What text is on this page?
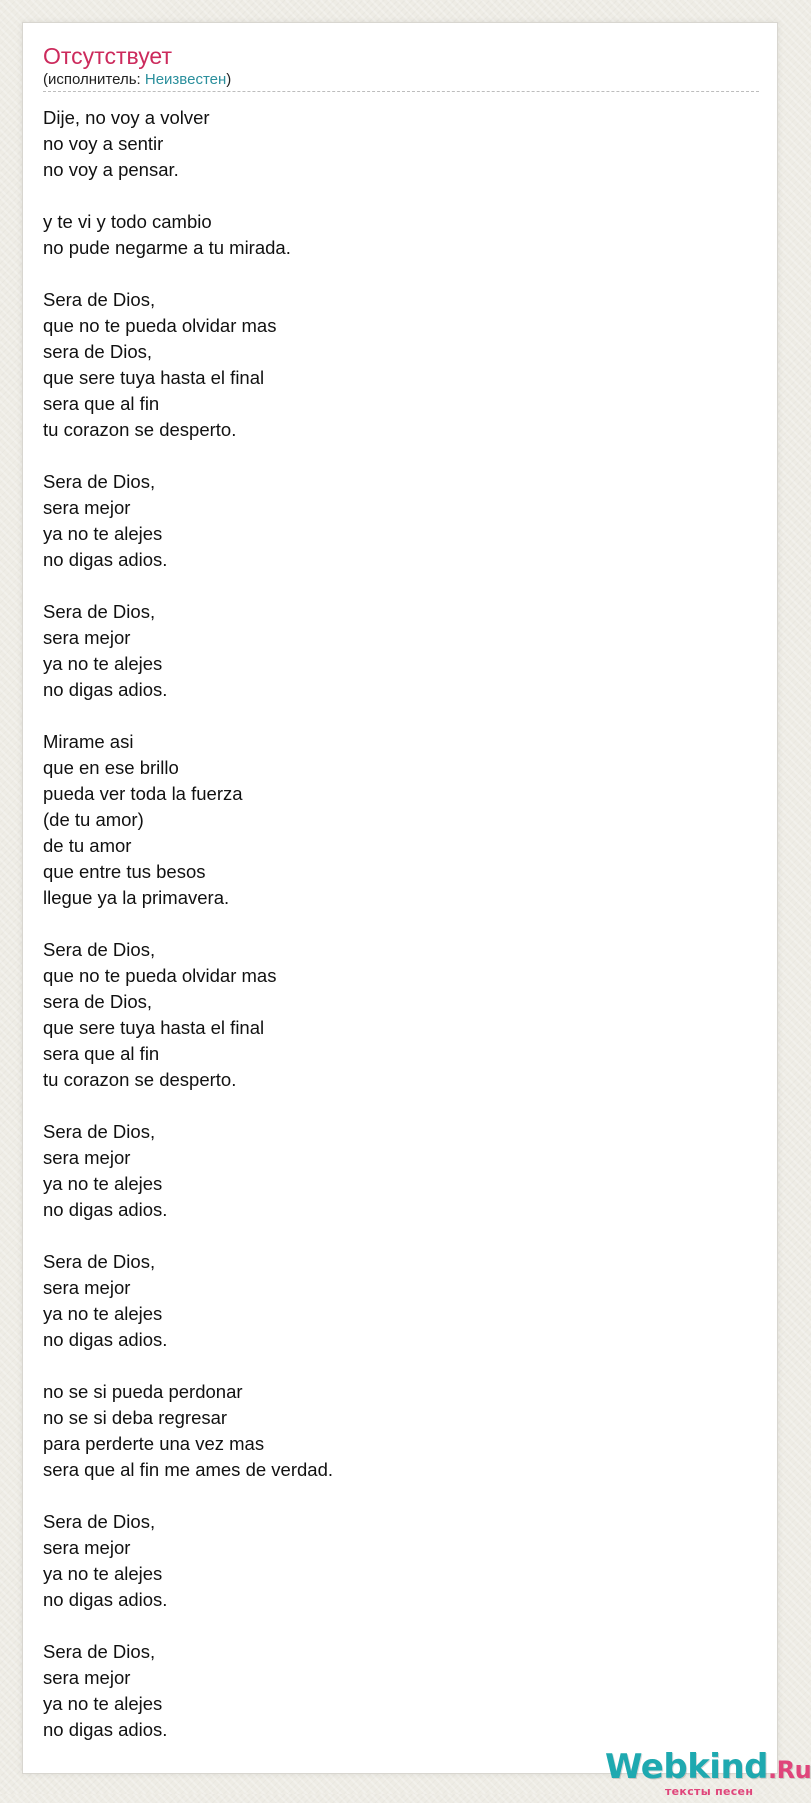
Отсутствует
(исполнитель: Неизвестен)
Dije, no voy a volver
no voy a sentir
no voy a pensar.
y te vi y todo cambio
no pude negarme a tu mirada.
Sera de Dios,
que no te pueda olvidar mas
sera de Dios,
que sere tuya hasta el final
sera que al fin
tu corazon se desperto.
Sera de Dios,
sera mejor
ya no te alejes
no digas adios.
Sera de Dios,
sera mejor
ya no te alejes
no digas adios.
Mirame asi
que en ese brillo
pueda ver toda la fuerza
(de tu amor)
de tu amor
que entre tus besos
llegue ya la primavera.
Sera de Dios,
que no te pueda olvidar mas
sera de Dios,
que sere tuya hasta el final
sera que al fin
tu corazon se desperto.
Sera de Dios,
sera mejor
ya no te alejes
no digas adios.
Sera de Dios,
sera mejor
ya no te alejes
no digas adios.
no se si pueda perdonar
no se si deba regresar
para perderte una vez mas
sera que al fin me ames de verdad.
Sera de Dios,
sera mejor
ya no te alejes
no digas adios.
Sera de Dios,
sera mejor
ya no te alejes
no digas adios.
Webkind.Ru
тексты песен
